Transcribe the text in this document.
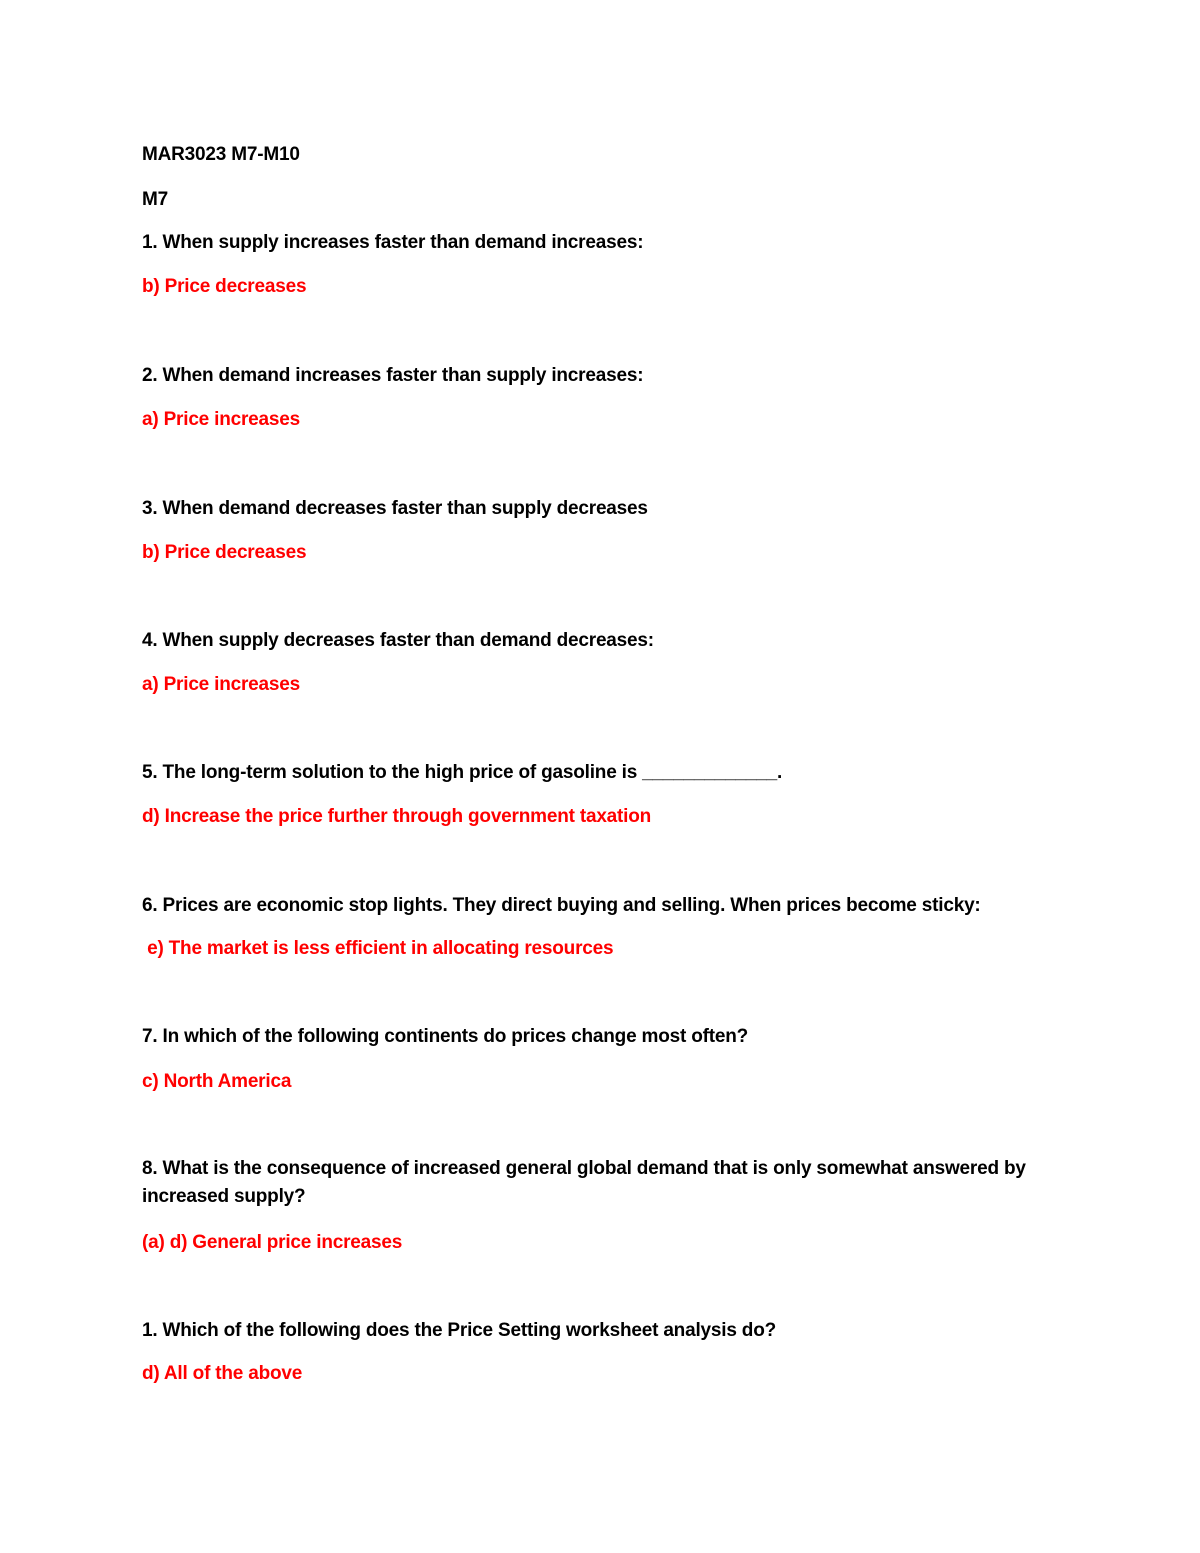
MAR3023 M7-M10
M7
1. When supply increases faster than demand increases:
b) Price decreases
2. When demand increases faster than supply increases:
a) Price increases
3. When demand decreases faster than supply decreases
b) Price decreases
4. When supply decreases faster than demand decreases:
a) Price increases
5. The long-term solution to the high price of gasoline is _____________.
d) Increase the price further through government taxation
6. Prices are economic stop lights. They direct buying and selling. When prices become sticky:
e) The market is less efficient in allocating resources
7. In which of the following continents do prices change most often?
c) North America
8. What is the consequence of increased general global demand that is only somewhat answered by increased supply?
(a) d) General price increases
1. Which of the following does the Price Setting worksheet analysis do?
d) All of the above
